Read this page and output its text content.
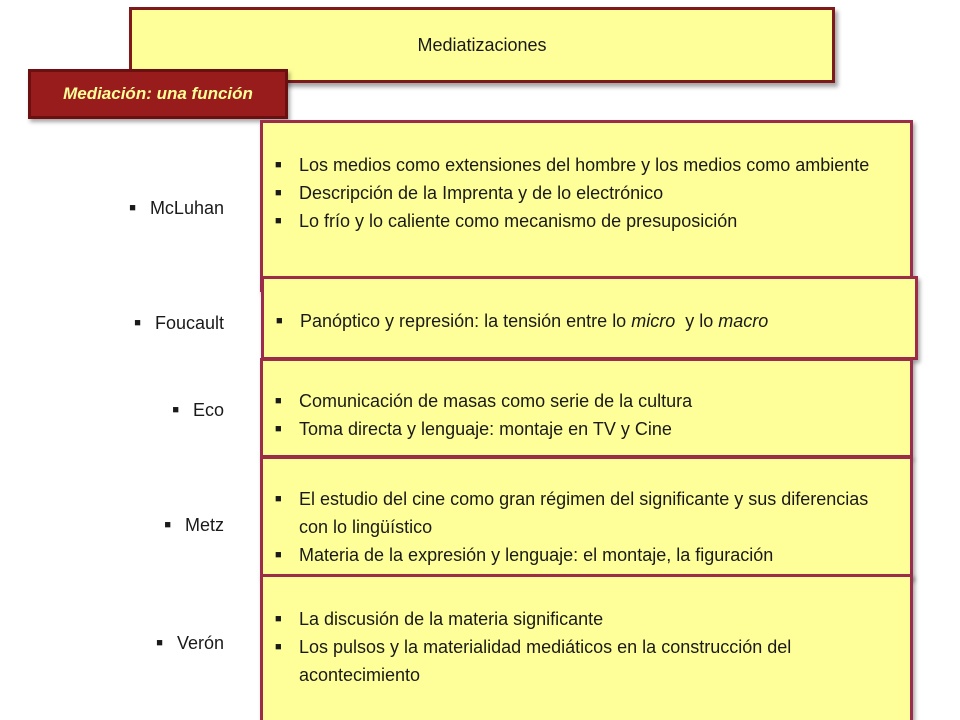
Mediatizaciones
Mediación: una función
■ McLuhan
■ Foucault
■ Eco
■ Metz
■ Verón
■ Los medios como extensiones del hombre y los medios como ambiente
■ Descripción de la Imprenta y de lo electrónico
■ Lo frío y lo caliente como mecanismo de presuposición
■ Panóptico y represión: la tensión entre lo micro  y lo macro
■ Comunicación de masas como serie de la cultura
■ Toma directa y lenguaje: montaje en TV y Cine
■ El estudio del cine como gran régimen del significante y sus diferencias con lo lingüístico
■ Materia de la expresión y lenguaje: el montaje, la figuración
■ La discusión de la materia significante
■ Los pulsos y la materialidad mediáticos en la construcción del acontecimiento
